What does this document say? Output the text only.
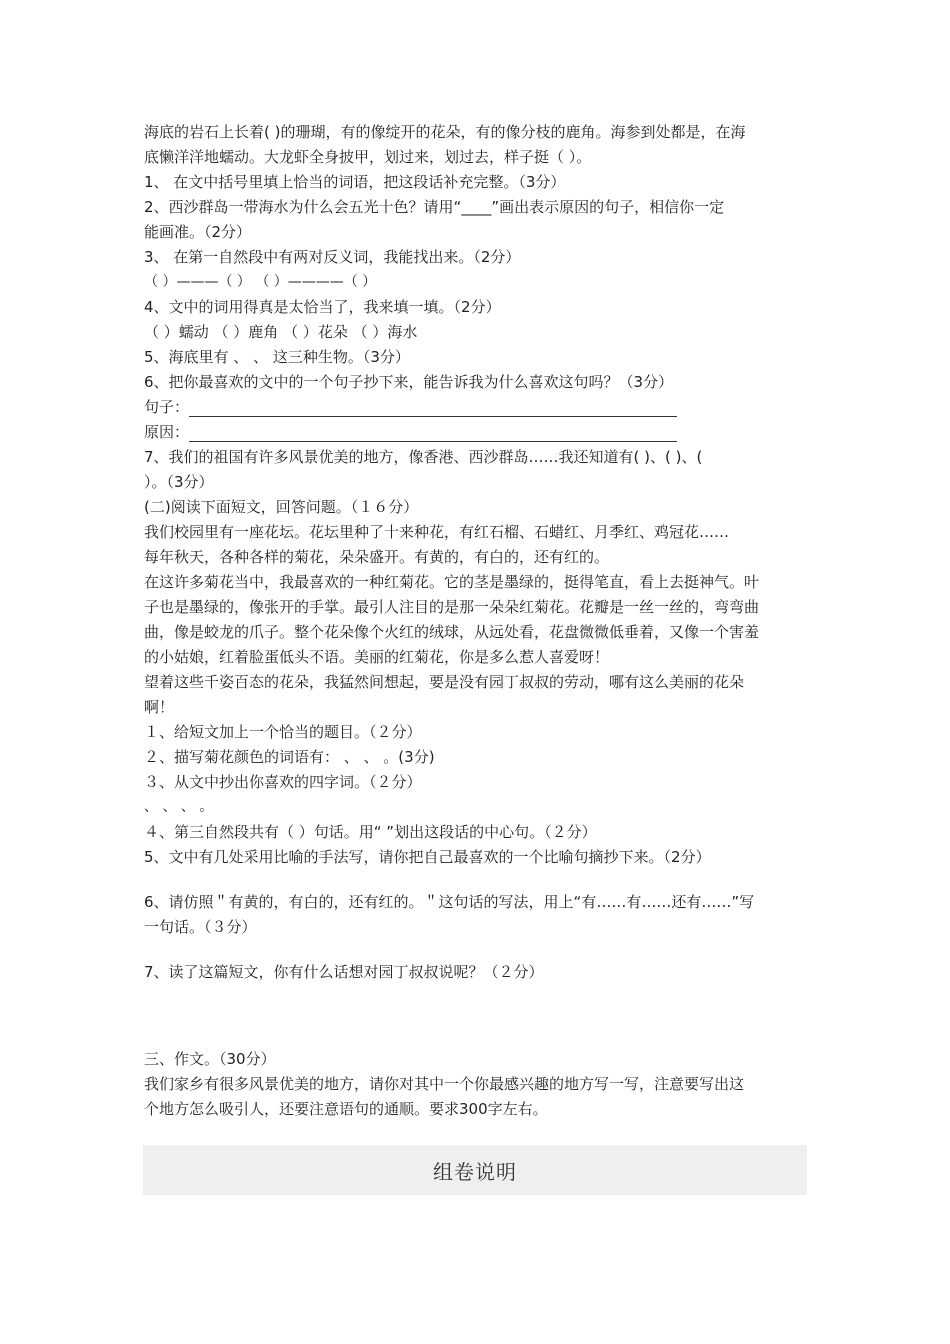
海底的岩石上长着( )的珊瑚，有的像绽开的花朵，有的像分枝的鹿角。海参到处都是，在海
底懒洋洋地蠕动。大龙虾全身披甲，划过来，划过去，样子挺（ ）。
1、 在文中括号里填上恰当的词语，把这段话补充完整。（3分）
2、西沙群岛一带海水为什么会五光十色？请用“____”画出表示原因的句子，相信你一定
能画准。（2分）
3、 在第一自然段中有两对反义词，我能找出来。（2分）
（ ）———（ ） （ ）————（ ）
4、文中的词用得真是太恰当了，我来填一填。（2分）
（ ）蠕动 （ ）鹿角 （ ）花朵 （ ）海水
5、海底里有 、 、 这三种生物。（3分）
6、把你最喜欢的文中的一个句子抄下来，能告诉我为什么喜欢这句吗？（3分）
句子：
原因：
7、我们的祖国有许多风景优美的地方，像香港、西沙群岛……我还知道有( )、( )、(
）。（3分）
(二)阅读下面短文，回答问题。（１６分）
我们校园里有一座花坛。花坛里种了十来种花，有红石榴、石蜡红、月季红、鸡冠花……
每年秋天，各种各样的菊花，朵朵盛开。有黄的，有白的，还有红的。
在这许多菊花当中，我最喜欢的一种红菊花。它的茎是墨绿的，挺得笔直，看上去挺神气。叶
子也是墨绿的，像张开的手掌。最引人注目的是那一朵朵红菊花。花瓣是一丝一丝的，弯弯曲
曲，像是蛟龙的爪子。整个花朵像个火红的绒球，从远处看，花盘微微低垂着，又像一个害羞
的小姑娘，红着脸蛋低头不语。美丽的红菊花，你是多么惹人喜爱呀！
望着这些千姿百态的花朵，我猛然间想起，要是没有园丁叔叔的劳动，哪有这么美丽的花朵
啊！
１、给短文加上一个恰当的题目。（２分）
２、描写菊花颜色的词语有： 、 、 。(3分)
３、从文中抄出你喜欢的四字词。（２分）
、 、 、 。
４、第三自然段共有（ ）句话。用“ ”划出这段话的中心句。（２分）
5、文中有几处采用比喻的手法写，请你把自己最喜欢的一个比喻句摘抄下来。（2分）
6、请仿照＂有黄的，有白的，还有红的。＂这句话的写法，用上“有……有……还有……”写
一句话。（３分）
7、读了这篇短文，你有什么话想对园丁叔叔说呢？（２分）
三、作文。（30分）
我们家乡有很多风景优美的地方，请你对其中一个你最感兴趣的地方写一写，注意要写出这
个地方怎么吸引人，还要注意语句的通顺。要求300字左右。
组卷说明
